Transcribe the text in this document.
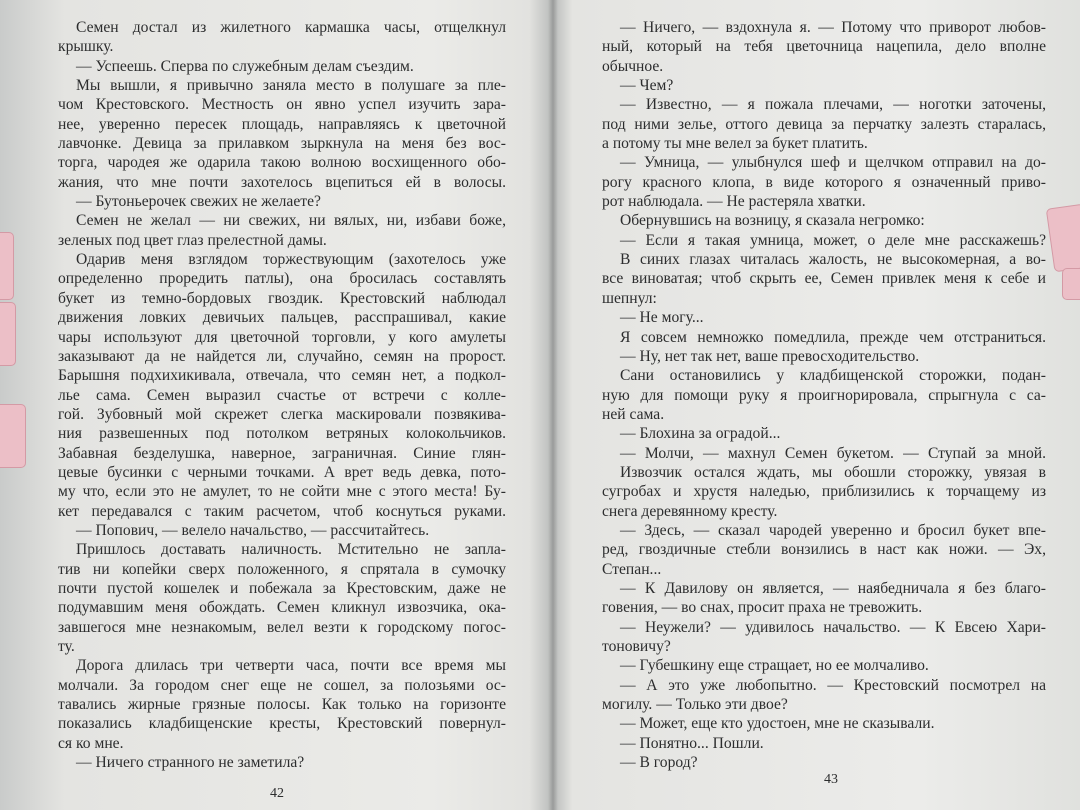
Семен достал из жилетного кармашка часы, отщелкнул
крышку.
— Успеешь. Сперва по служебным делам съездим.
Мы вышли, я привычно заняла место в полушаге за пле-
чом Крестовского. Местность он явно успел изучить зара-
нее, уверенно пересек площадь, направляясь к цветочной
лавчонке. Девица за прилавком зыркнула на меня без вос-
торга, чародея же одарила такою волною восхищенного обо-
жания, что мне почти захотелось вцепиться ей в волосы.
— Бутоньерочек свежих не желаете?
Семен не желал — ни свежих, ни вялых, ни, избави боже,
зеленых под цвет глаз прелестной дамы.
Одарив меня взглядом торжествующим (захотелось уже
определенно проредить патлы), она бросилась составлять
букет из темно-бордовых гвоздик. Крестовский наблюдал
движения ловких девичьих пальцев, расспрашивал, какие
чары используют для цветочной торговли, у кого амулеты
заказывают да не найдется ли, случайно, семян на пророст.
Барышня подхихикивала, отвечала, что семян нет, а подкол-
лье сама. Семен выразил счастье от встречи с колле-
гой. Зубовный мой скрежет слегка маскировали позвякива-
ния развешенных под потолком ветряных колокольчиков.
Забавная безделушка, наверное, заграничная. Синие глян-
цевые бусинки с черными точками. А врет ведь девка, пото-
му что, если это не амулет, то не сойти мне с этого места! Бу-
кет передавался с таким расчетом, чтоб коснуться руками.
— Попович, — велело начальство, — рассчитайтесь.
Пришлось доставать наличность. Мстительно не запла-
тив ни копейки сверх положенного, я спрятала в сумочку
почти пустой кошелек и побежала за Крестовским, даже не
подумавшим меня обождать. Семен кликнул извозчика, ока-
завшегося мне незнакомым, велел везти к городскому погос-
ту.
Дорога длилась три четверти часа, почти все время мы
молчали. За городом снег еще не сошел, за полозьями ос-
тавались жирные грязные полосы. Как только на горизонте
показались кладбищенские кресты, Крестовский повернул-
ся ко мне.
— Ничего странного не заметила?
42
— Ничего, — вздохнула я. — Потому что приворот любов-
ный, который на тебя цветочница нацепила, дело вполне
обычное.
— Чем?
— Известно, — я пожала плечами, — ноготки заточены,
под ними зелье, оттого девица за перчатку залезть старалась,
а потому ты мне велел за букет платить.
— Умница, — улыбнулся шеф и щелчком отправил на до-
рогу красного клопа, в виде которого я означенный приво-
рот наблюдала. — Не растеряла хватки.
Обернувшись на возницу, я сказала негромко:
— Если я такая умница, может, о деле мне расскажешь?
В синих глазах читалась жалость, не высокомерная, а во-
все виноватая; чтоб скрыть ее, Семен привлек меня к себе и
шепнул:
— Не могу...
Я совсем немножко помедлила, прежде чем отстраниться.
— Ну, нет так нет, ваше превосходительство.
Сани остановились у кладбищенской сторожки, подан-
ную для помощи руку я проигнорировала, спрыгнула с са-
ней сама.
— Блохина за оградой...
— Молчи, — махнул Семен букетом. — Ступай за мной.
Извозчик остался ждать, мы обошли сторожку, увязая в
сугробах и хрустя наледью, приблизились к торчащему из
снега деревянному кресту.
— Здесь, — сказал чародей уверенно и бросил букет впе-
ред, гвоздичные стебли вонзились в наст как ножи. — Эх,
Степан...
— К Давилову он является, — наябедничала я без благо-
говения, — во снах, просит праха не тревожить.
— Неужели? — удивилось начальство. — К Евсею Хари-
тоновичу?
— Губешкину еще стращает, но ее молчаливо.
— А это уже любопытно. — Крестовский посмотрел на
могилу. — Только эти двое?
— Может, еще кто удостоен, мне не сказывали.
— Понятно... Пошли.
— В город?
43
